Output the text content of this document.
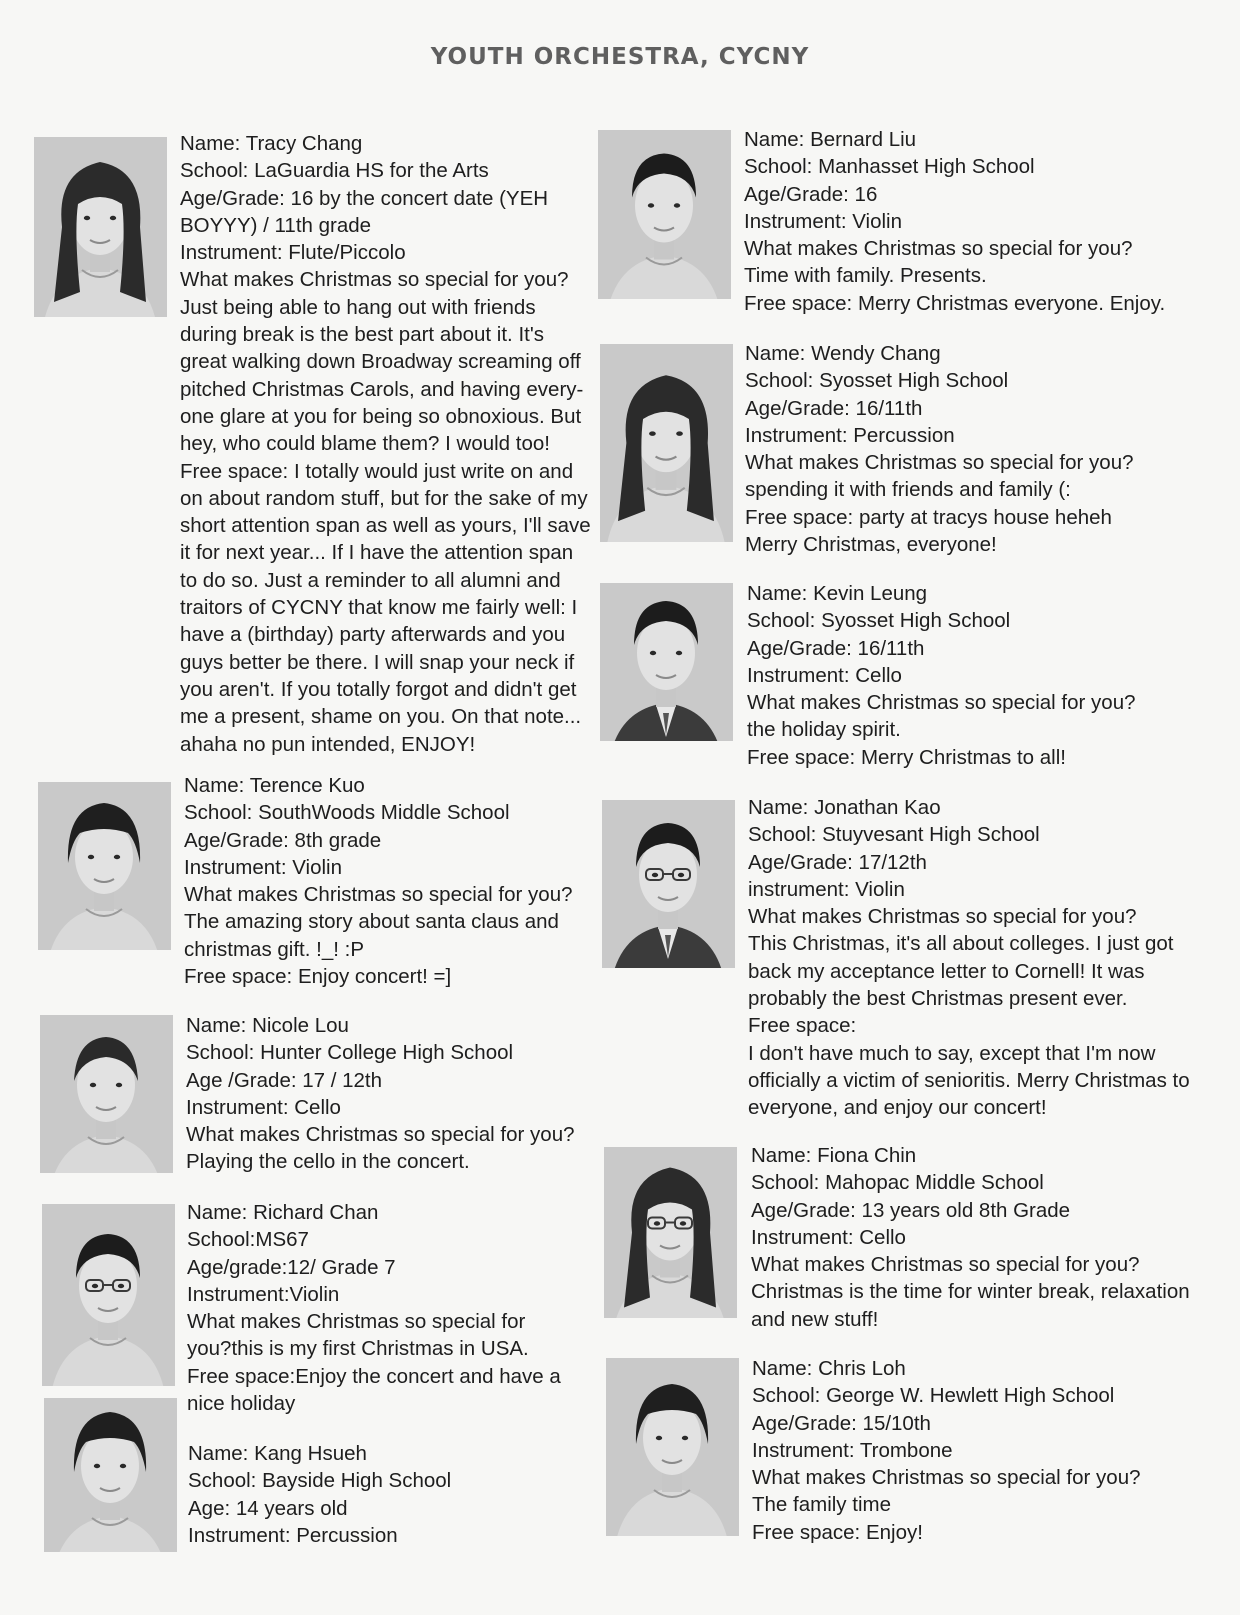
YOUTH ORCHESTRA, CYCNY
Name: Tracy Chang
School: LaGuardia HS for the Arts
Age/Grade: 16 by the concert date (YEH
BOYYY) / 11th grade
Instrument: Flute/Piccolo
What makes Christmas so special for you?
Just being able to hang out with friends
during break is the best part about it. It's
great walking down Broadway screaming off
pitched Christmas Carols, and having every-
one glare at you for being so obnoxious. But
hey, who could blame them? I would too!
Free space: I totally would just write on and
on about random stuff, but for the sake of my
short attention span as well as yours, I'll save
it for next year... If I have the attention span
to do so. Just a reminder to all alumni and
traitors of CYCNY that know me fairly well: I
have a (birthday) party afterwards and you
guys better be there. I will snap your neck if
you aren't. If you totally forgot and didn't get
me a present, shame on you. On that note...
ahaha no pun intended, ENJOY!
Name: Terence Kuo
School: SouthWoods Middle School
Age/Grade: 8th grade
Instrument: Violin
What makes Christmas so special for you?
The amazing story about santa claus and
christmas gift. !_! :P
Free space: Enjoy concert! =]
Name: Nicole Lou
School: Hunter College High School
Age /Grade: 17 / 12th
Instrument: Cello
What makes Christmas so special for you?
Playing the cello in the concert.
Name: Richard Chan
School:MS67
Age/grade:12/ Grade 7
Instrument:Violin
What makes Christmas so special for
you?this is my first Christmas in USA.
Free space:Enjoy the concert and have a
nice holiday
Name: Kang Hsueh
School: Bayside High School
Age: 14 years old
Instrument: Percussion
Name: Bernard Liu
School: Manhasset High School
Age/Grade: 16
Instrument: Violin
What makes Christmas so special for you?
Time with family. Presents.
Free space: Merry Christmas everyone. Enjoy.
Name: Wendy Chang
School: Syosset High School
Age/Grade: 16/11th
Instrument: Percussion
What makes Christmas so special for you?
spending it with friends and family (:
Free space: party at tracys house heheh
Merry Christmas, everyone!
Name: Kevin Leung
School: Syosset High School
Age/Grade: 16/11th
Instrument: Cello
What makes Christmas so special for you?
the holiday spirit.
Free space: Merry Christmas to all!
Name: Jonathan Kao
School: Stuyvesant High School
Age/Grade: 17/12th
instrument: Violin
What makes Christmas so special for you?
This Christmas, it's all about colleges. I just got
back my acceptance letter to Cornell! It was
probably the best Christmas present ever.
Free space:
I don't have much to say, except that I'm now
officially a victim of senioritis. Merry Christmas to
everyone, and enjoy our concert!
Name: Fiona Chin
School: Mahopac Middle School
Age/Grade: 13 years old 8th Grade
Instrument: Cello
What makes Christmas so special for you?
Christmas is the time for winter break, relaxation
and new stuff!
Name: Chris Loh
School: George W. Hewlett High School
Age/Grade: 15/10th
Instrument: Trombone
What makes Christmas so special for you?
The family time
Free space: Enjoy!
